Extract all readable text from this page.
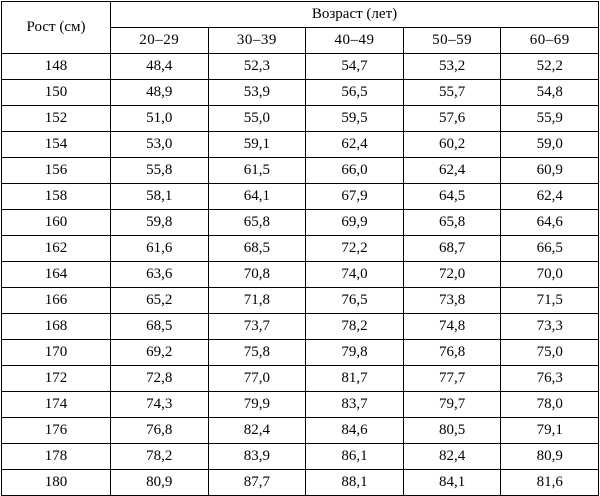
Рост (см)	Возраст (лет)				
	20–29	30–39	40–49	50–59	60–69
148	48,4	52,3	54,7	53,2	52,2
150	48,9	53,9	56,5	55,7	54,8
152	51,0	55,0	59,5	57,6	55,9
154	53,0	59,1	62,4	60,2	59,0
156	55,8	61,5	66,0	62,4	60,9
158	58,1	64,1	67,9	64,5	62,4
160	59,8	65,8	69,9	65,8	64,6
162	61,6	68,5	72,2	68,7	66,5
164	63,6	70,8	74,0	72,0	70,0
166	65,2	71,8	76,5	73,8	71,5
168	68,5	73,7	78,2	74,8	73,3
170	69,2	75,8	79,8	76,8	75,0
172	72,8	77,0	81,7	77,7	76,3
174	74,3	79,9	83,7	79,7	78,0
176	76,8	82,4	84,6	80,5	79,1
178	78,2	83,9	86,1	82,4	80,9
180	80,9	87,7	88,1	84,1	81,6
